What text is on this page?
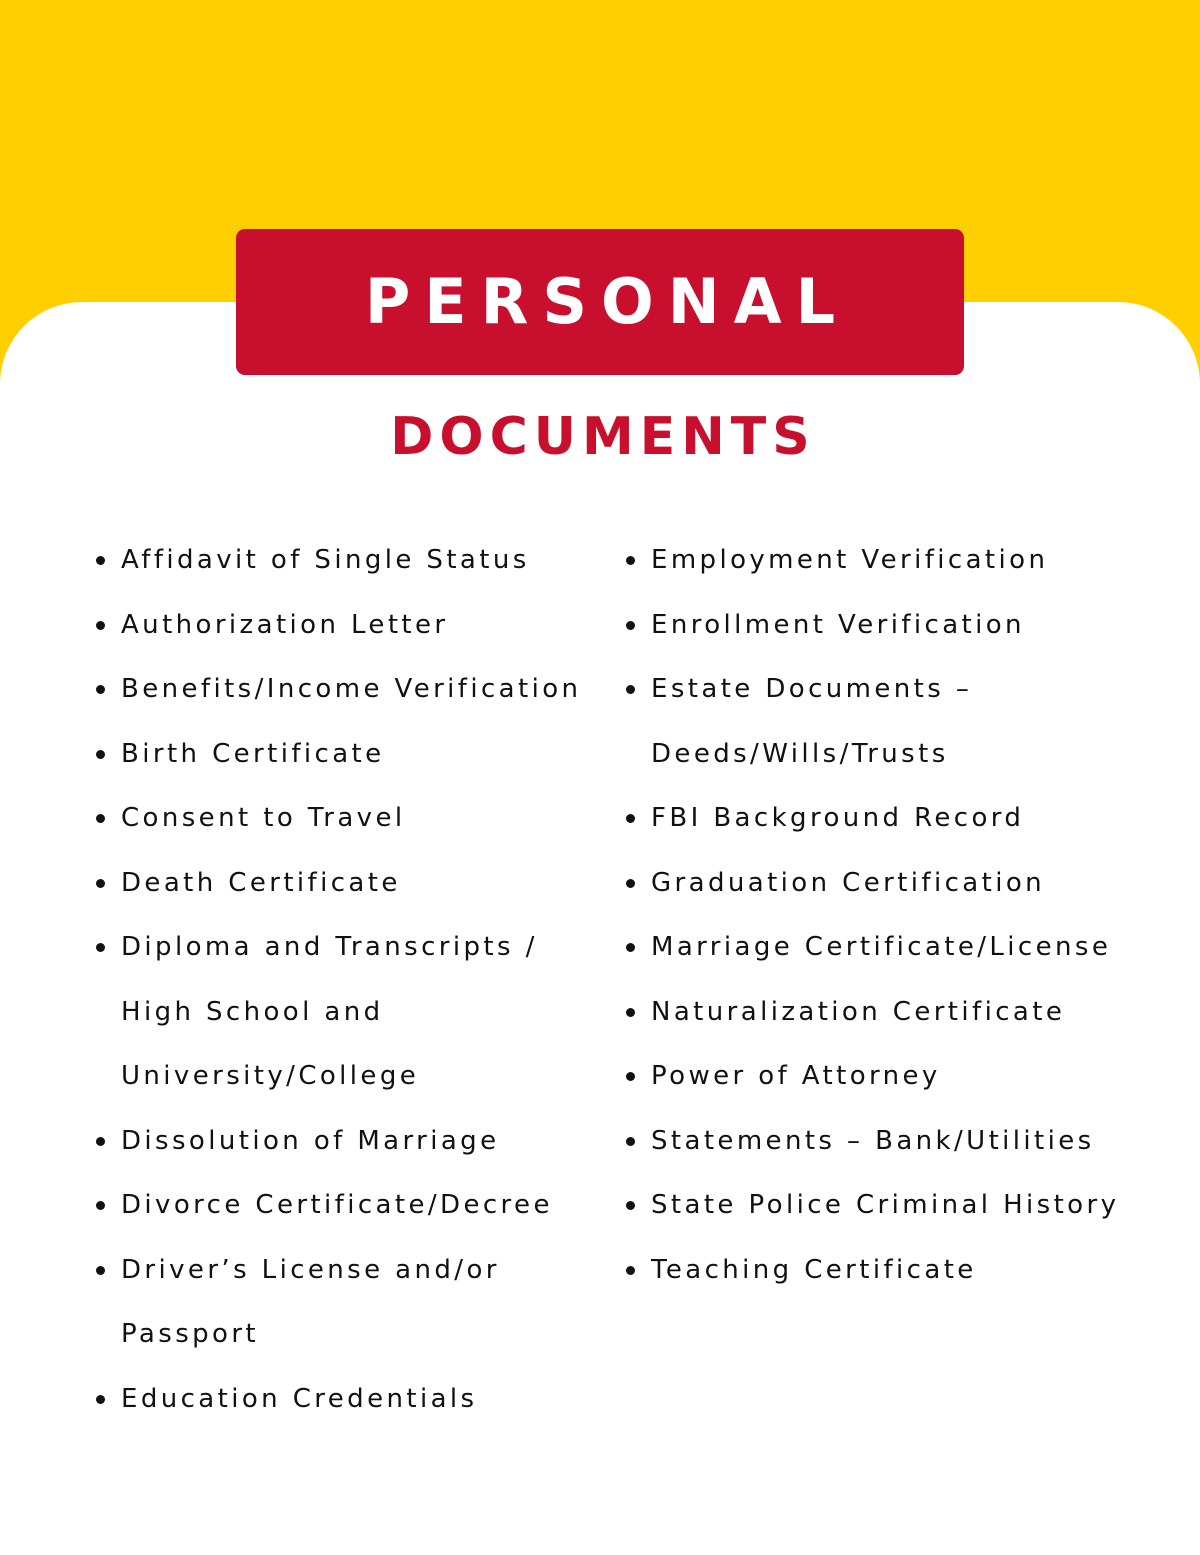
PERSONAL
DOCUMENTS
Affidavit of Single Status
Authorization Letter
Benefits/Income Verification
Birth Certificate
Consent to Travel
Death Certificate
Diploma and Transcripts / High School and University/College
Dissolution of Marriage
Divorce Certificate/Decree
Driver’s License and/or Passport
Education Credentials
Employment Verification
Enrollment Verification
Estate Documents – Deeds/Wills/Trusts
FBI Background Record
Graduation Certification
Marriage Certificate/License
Naturalization Certificate
Power of Attorney
Statements – Bank/Utilities
State Police Criminal History
Teaching Certificate
